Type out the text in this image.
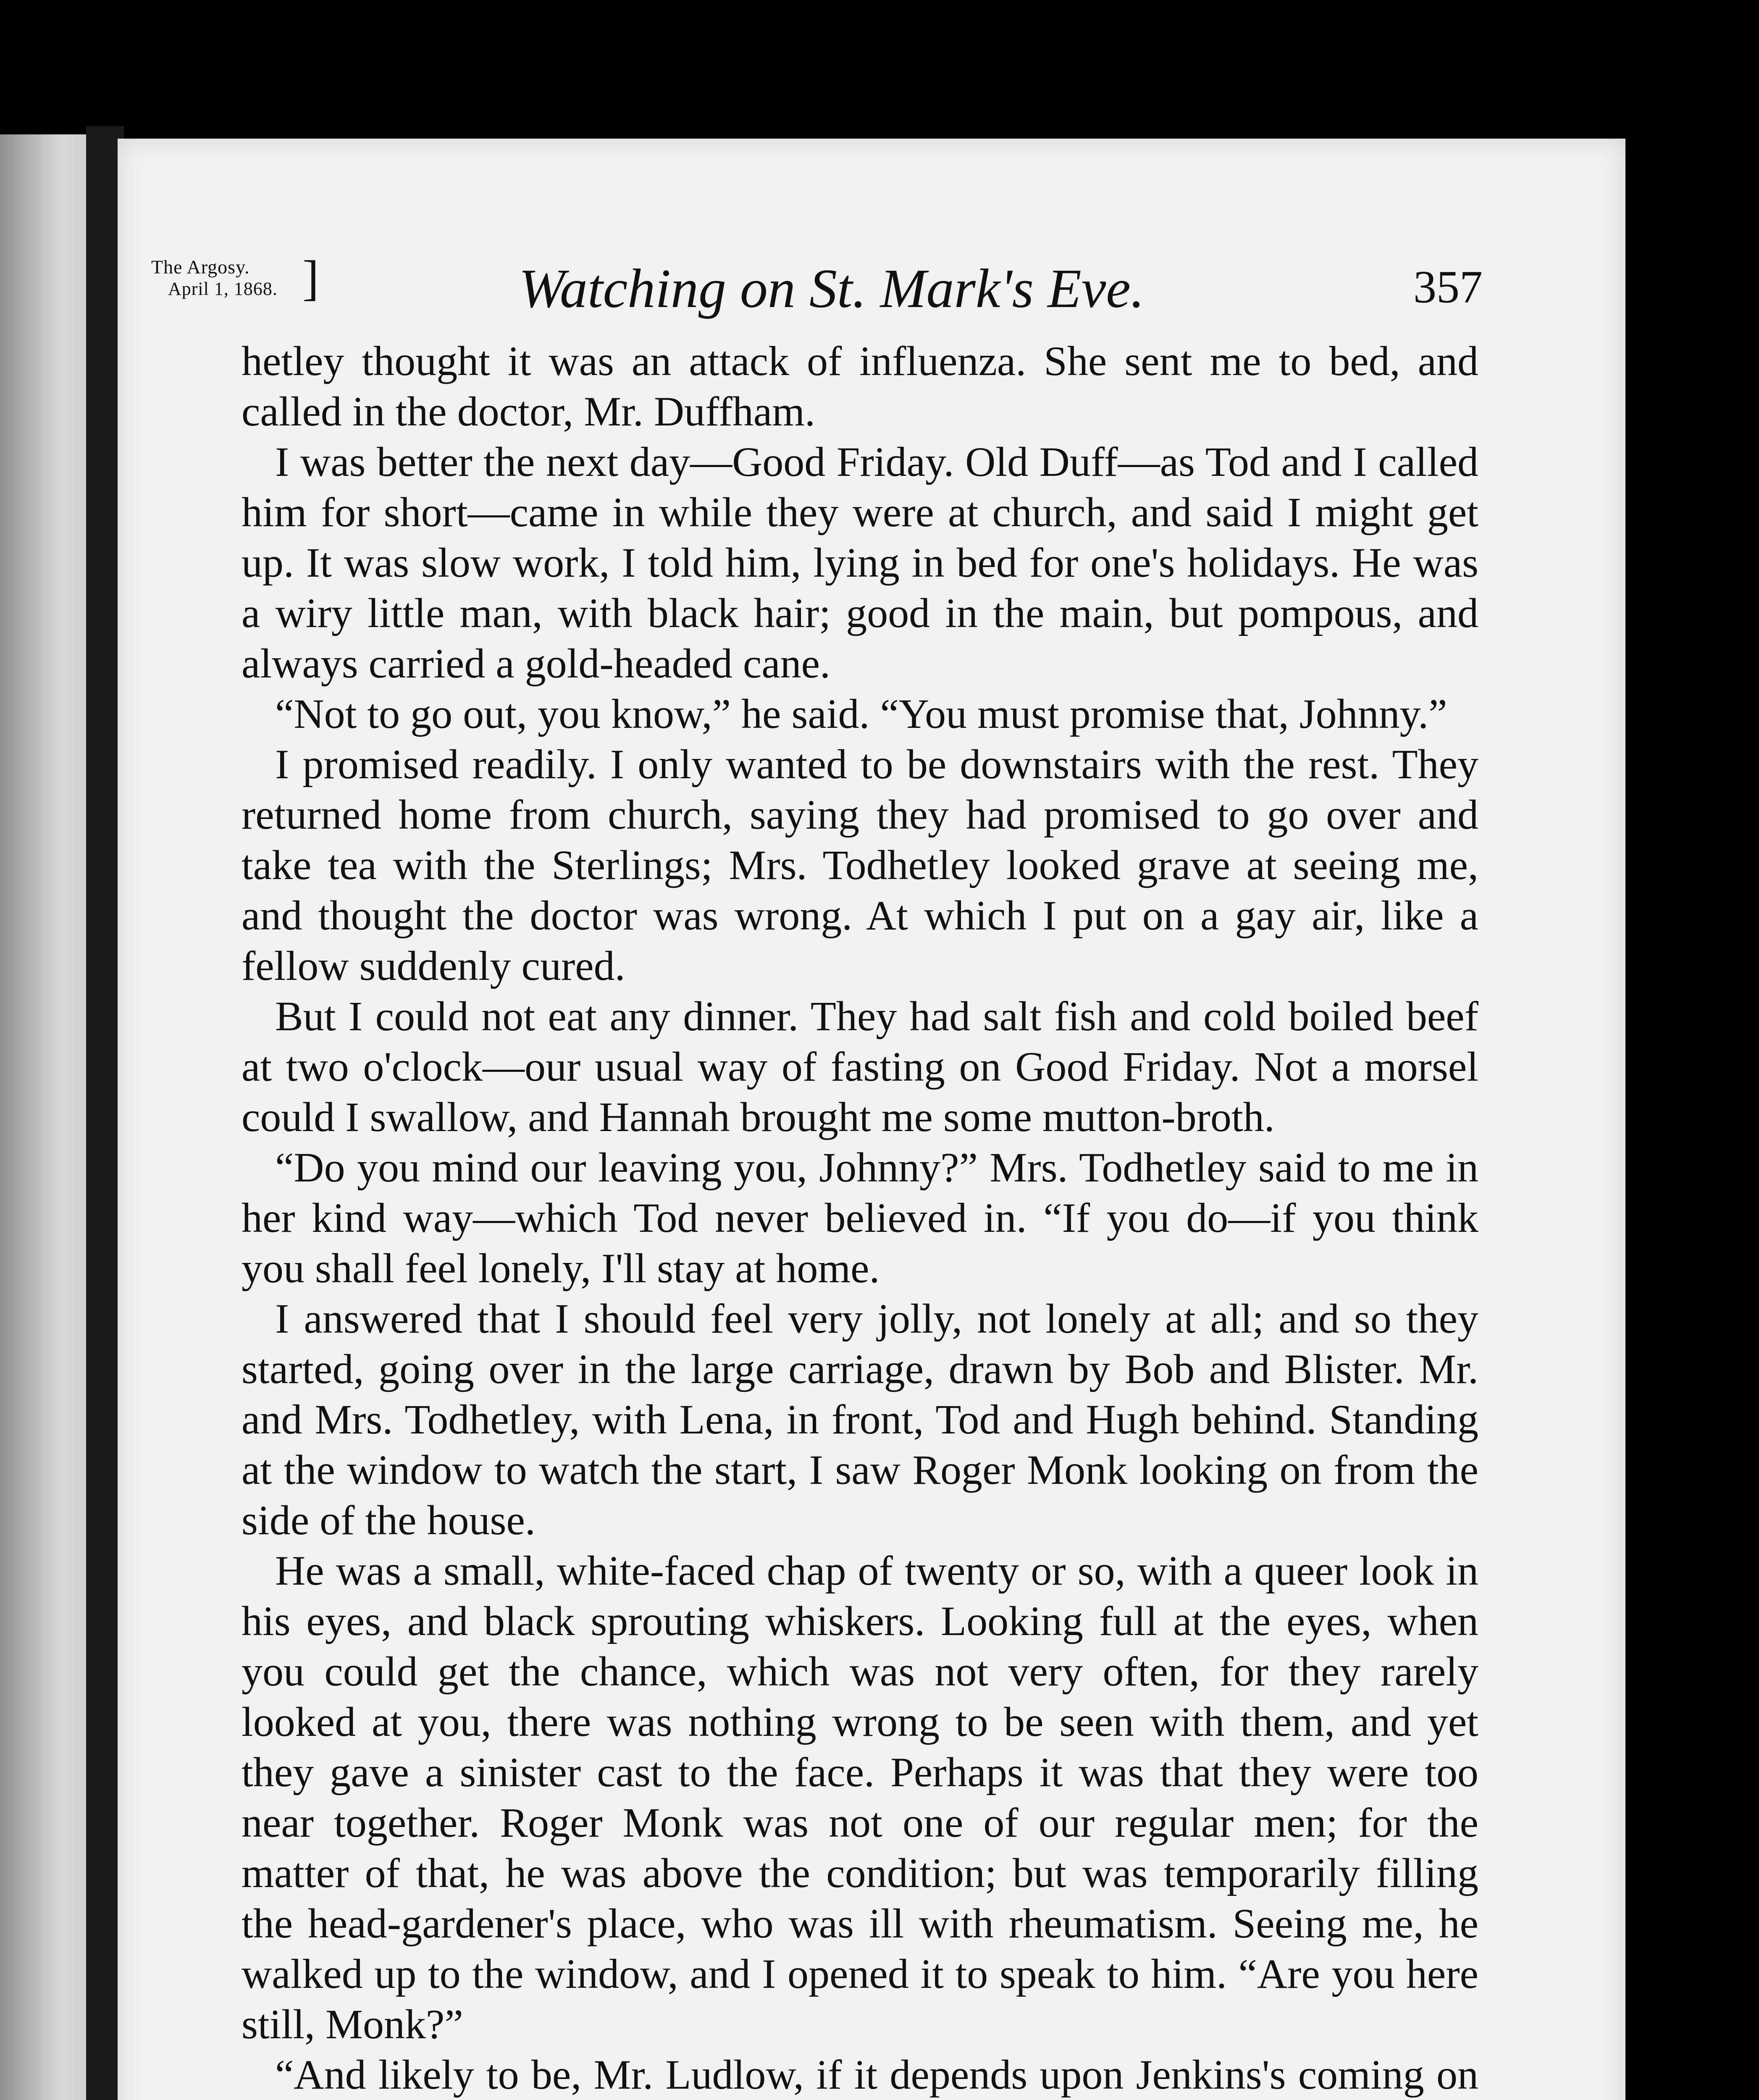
The Argosy.
April 1, 1868. ]	Watching on St. Mark's Eve.	357

hetley thought it was an attack of influenza. She sent me to bed, and called in the doctor, Mr. Duffham.

I was better the next day—Good Friday. Old Duff—as Tod and I called him for short—came in while they were at church, and said I might get up. It was slow work, I told him, lying in bed for one's holidays. He was a wiry little man, with black hair; good in the main, but pompous, and always carried a gold-headed cane.

“Not to go out, you know,” he said. “You must promise that, Johnny.”

I promised readily. I only wanted to be downstairs with the rest. They returned home from church, saying they had promised to go over and take tea with the Sterlings; Mrs. Todhetley looked grave at seeing me, and thought the doctor was wrong. At which I put on a gay air, like a fellow suddenly cured.

But I could not eat any dinner. They had salt fish and cold boiled beef at two o'clock—our usual way of fasting on Good Friday. Not a morsel could I swallow, and Hannah brought me some mutton-broth.

“Do you mind our leaving you, Johnny?” Mrs. Todhetley said to me in her kind way—which Tod never believed in. “If you do—if you think you shall feel lonely, I'll stay at home.

I answered that I should feel very jolly, not lonely at all; and so they started, going over in the large carriage, drawn by Bob and Blister. Mr. and Mrs. Todhetley, with Lena, in front, Tod and Hugh behind. Standing at the window to watch the start, I saw Roger Monk looking on from the side of the house.

He was a small, white-faced chap of twenty or so, with a queer look in his eyes, and black sprouting whiskers. Looking full at the eyes, when you could get the chance, which was not very often, for they rarely looked at you, there was nothing wrong to be seen with them, and yet they gave a sinister cast to the face. Perhaps it was that they were too near together. Roger Monk was not one of our regular men; for the matter of that, he was above the condition; but was temporarily filling the head-gardener's place, who was ill with rheumatism. Seeing me, he walked up to the window, and I opened it to speak to him. “Are you here still, Monk?”

“And likely to be, Mr. Ludlow, if it depends upon Jenkins's coming on
